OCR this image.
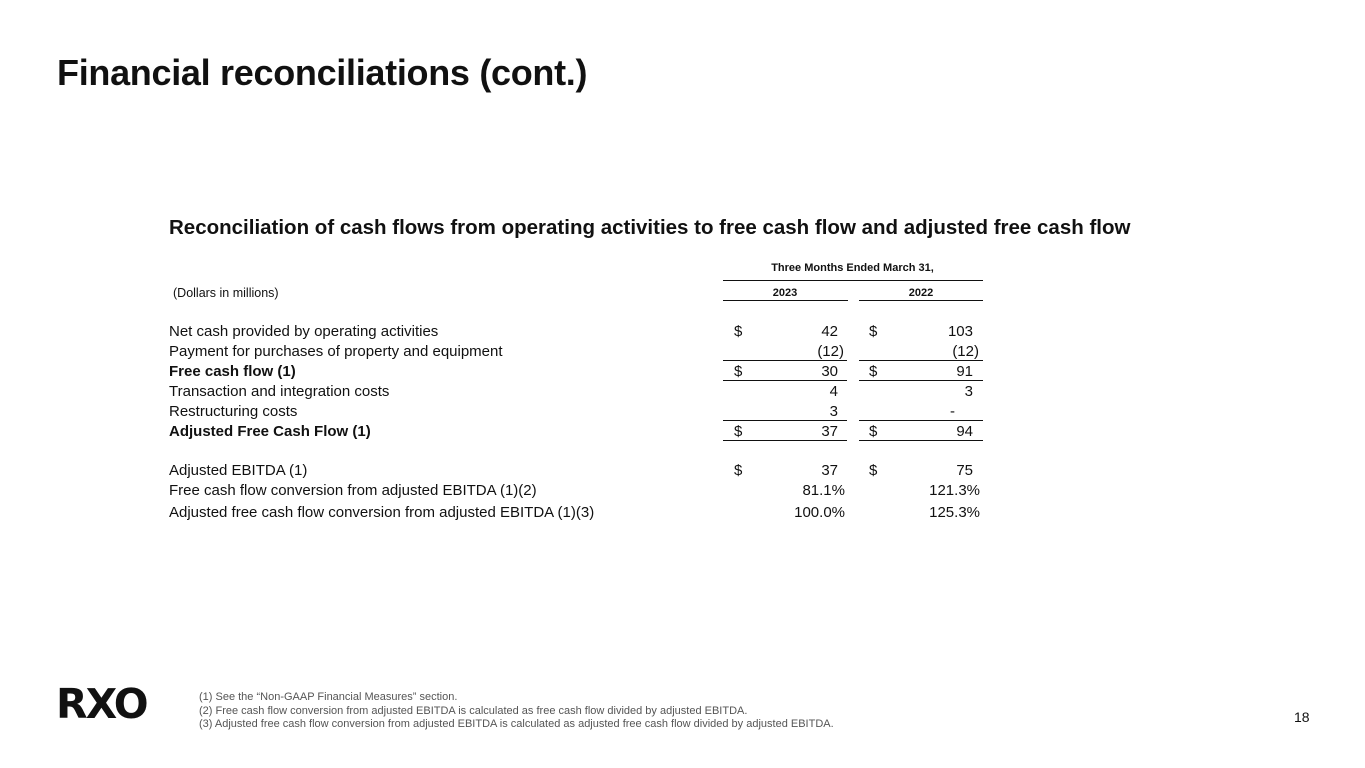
Financial reconciliations (cont.)
Reconciliation of cash flows from operating activities to free cash flow and adjusted free cash flow
Three Months Ended March 31,
(Dollars in millions)	2023	2022
Net cash provided by operating activities	$	42 $	103
Payment for purchases of property and equipment	(12)	(12)
Free cash flow (1)	$	30 $	91
Transaction and integration costs	4	3
Restructuring costs	3	-
Adjusted Free Cash Flow (1)	$	37 $	94
Adjusted EBITDA (1)	$	37 $	75
Free cash flow conversion from adjusted EBITDA (1)(2)	81.1%	121.3%
Adjusted free cash flow conversion from adjusted EBITDA (1)(3)	100.0%	125.3%
RXO	(1) See the “Non-GAAP Financial Measures” section.
(2) Free cash flow conversion from adjusted EBITDA is calculated as free cash flow divided by adjusted EBITDA.
(3) Adjusted free cash flow conversion from adjusted EBITDA is calculated as adjusted free cash flow divided by adjusted EBITDA.	18
